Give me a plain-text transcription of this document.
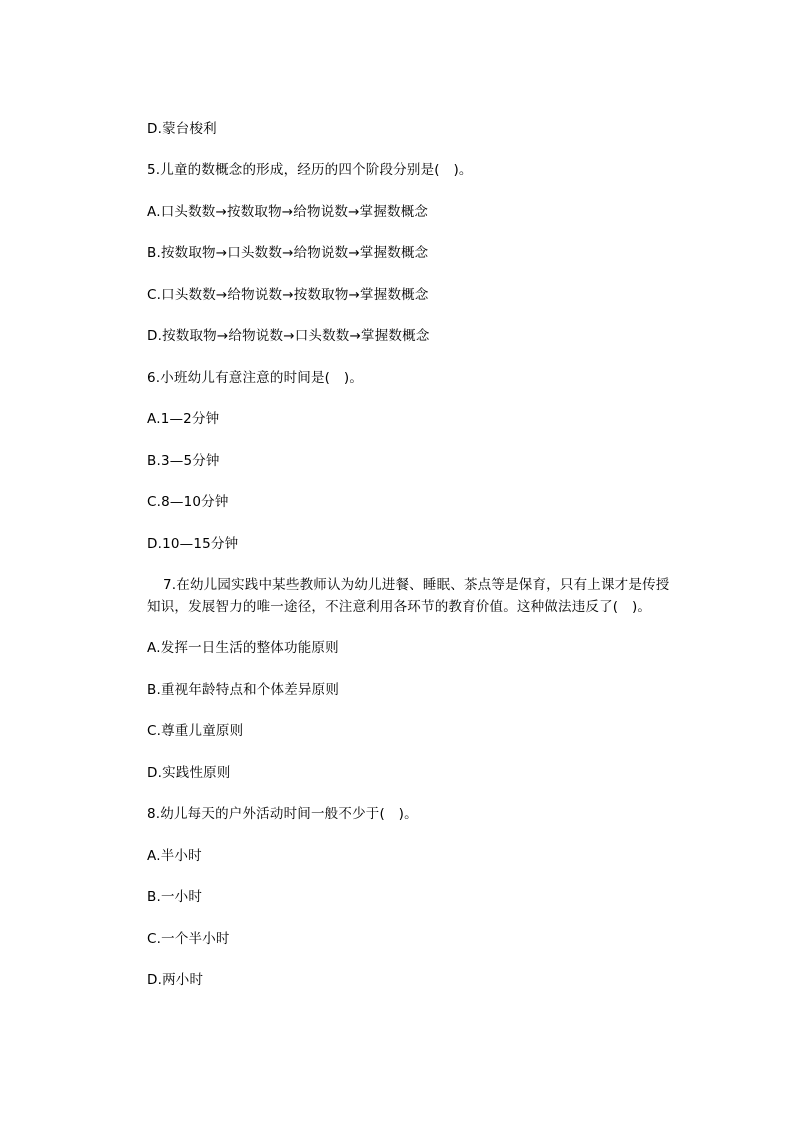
D.蒙台梭利
5.儿童的数概念的形成，经历的四个阶段分别是(　)。
A.口头数数→按数取物→给物说数→掌握数概念
B.按数取物→口头数数→给物说数→掌握数概念
C.口头数数→给物说数→按数取物→掌握数概念
D.按数取物→给物说数→口头数数→掌握数概念
6.小班幼儿有意注意的时间是(　)。
A.1—2分钟
B.3—5分钟
C.8—10分钟
D.10—15分钟
7.在幼儿园实践中某些教师认为幼儿进餐、睡眠、茶点等是保育，只有上课才是传授
知识，发展智力的唯一途径，不注意利用各环节的教育价值。这种做法违反了(　)。
A.发挥一日生活的整体功能原则
B.重视年龄特点和个体差异原则
C.尊重儿童原则
D.实践性原则
8.幼儿每天的户外活动时间一般不少于(　)。
A.半小时
B.一小时
C.一个半小时
D.两小时
